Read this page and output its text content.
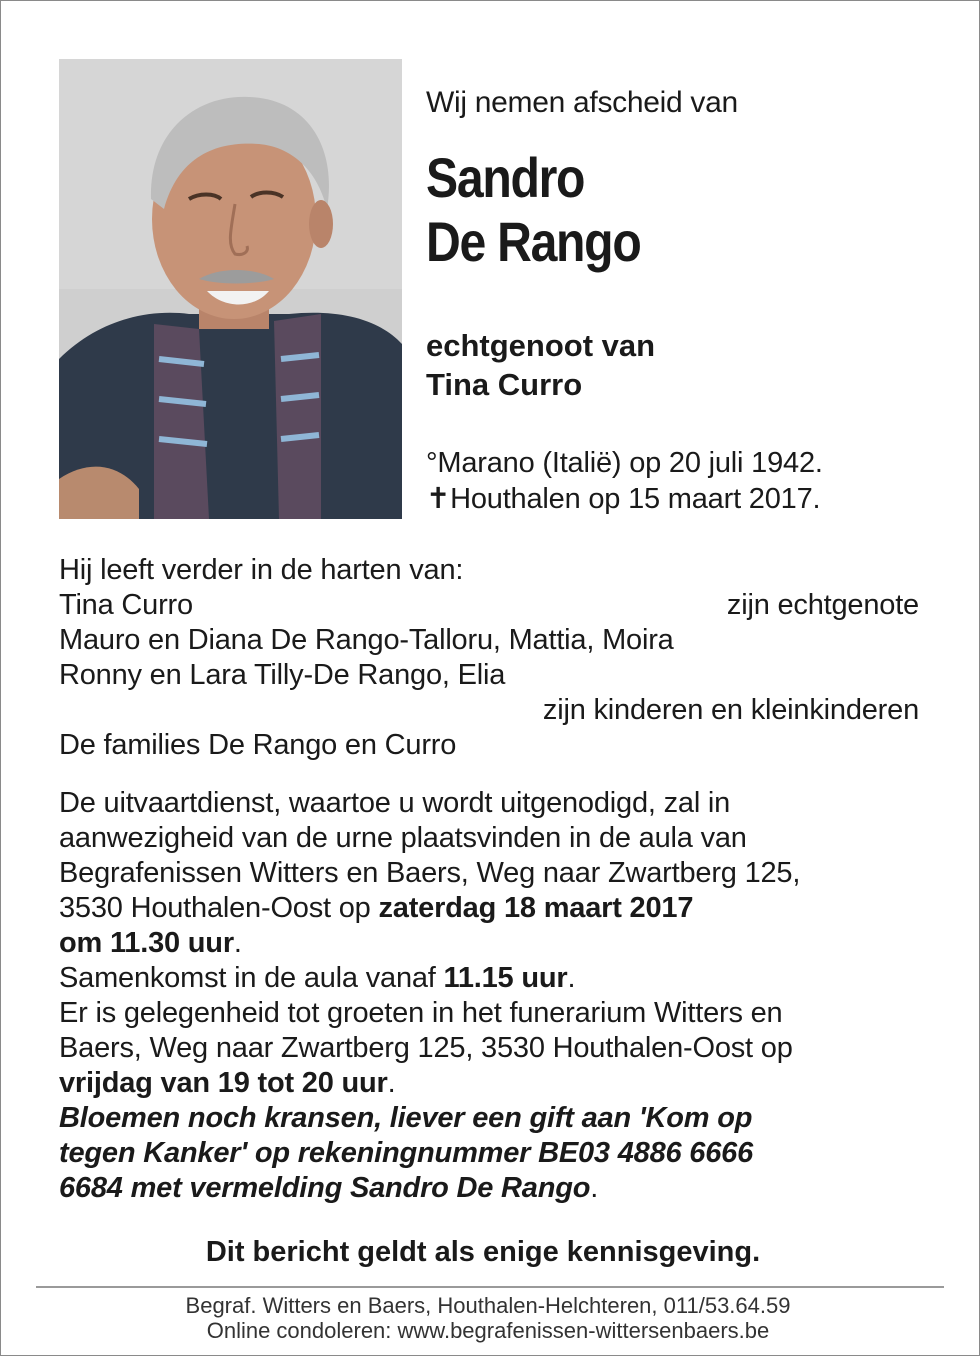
Wij nemen afscheid van
Sandro
De Rango
echtgenoot van
Tina Curro
°Marano (Italië) op 20 juli 1942.
✝Houthalen op 15 maart 2017.
Hij leeft verder in de harten van:
Tina Curro	zijn echtgenote
Mauro en Diana De Rango-Talloru, Mattia, Moira
Ronny en Lara Tilly-De Rango, Elia
zijn kinderen en kleinkinderen
De families De Rango en Curro
De uitvaartdienst, waartoe u wordt uitgenodigd, zal in
aanwezigheid van de urne plaatsvinden in de aula van
Begrafenissen Witters en Baers, Weg naar Zwartberg 125,
3530 Houthalen-Oost op zaterdag 18 maart 2017
om 11.30 uur.
Samenkomst in de aula vanaf 11.15 uur.
Er is gelegenheid tot groeten in het funerarium Witters en
Baers, Weg naar Zwartberg 125, 3530 Houthalen-Oost op
vrijdag van 19 tot 20 uur.
Bloemen noch kransen, liever een gift aan 'Kom op
tegen Kanker' op rekeningnummer BE03 4886 6666
6684 met vermelding Sandro De Rango.
Dit bericht geldt als enige kennisgeving.
Begraf. Witters en Baers, Houthalen-Helchteren, 011/53.64.59
Online condoleren: www.begrafenissen-wittersenbaers.be
